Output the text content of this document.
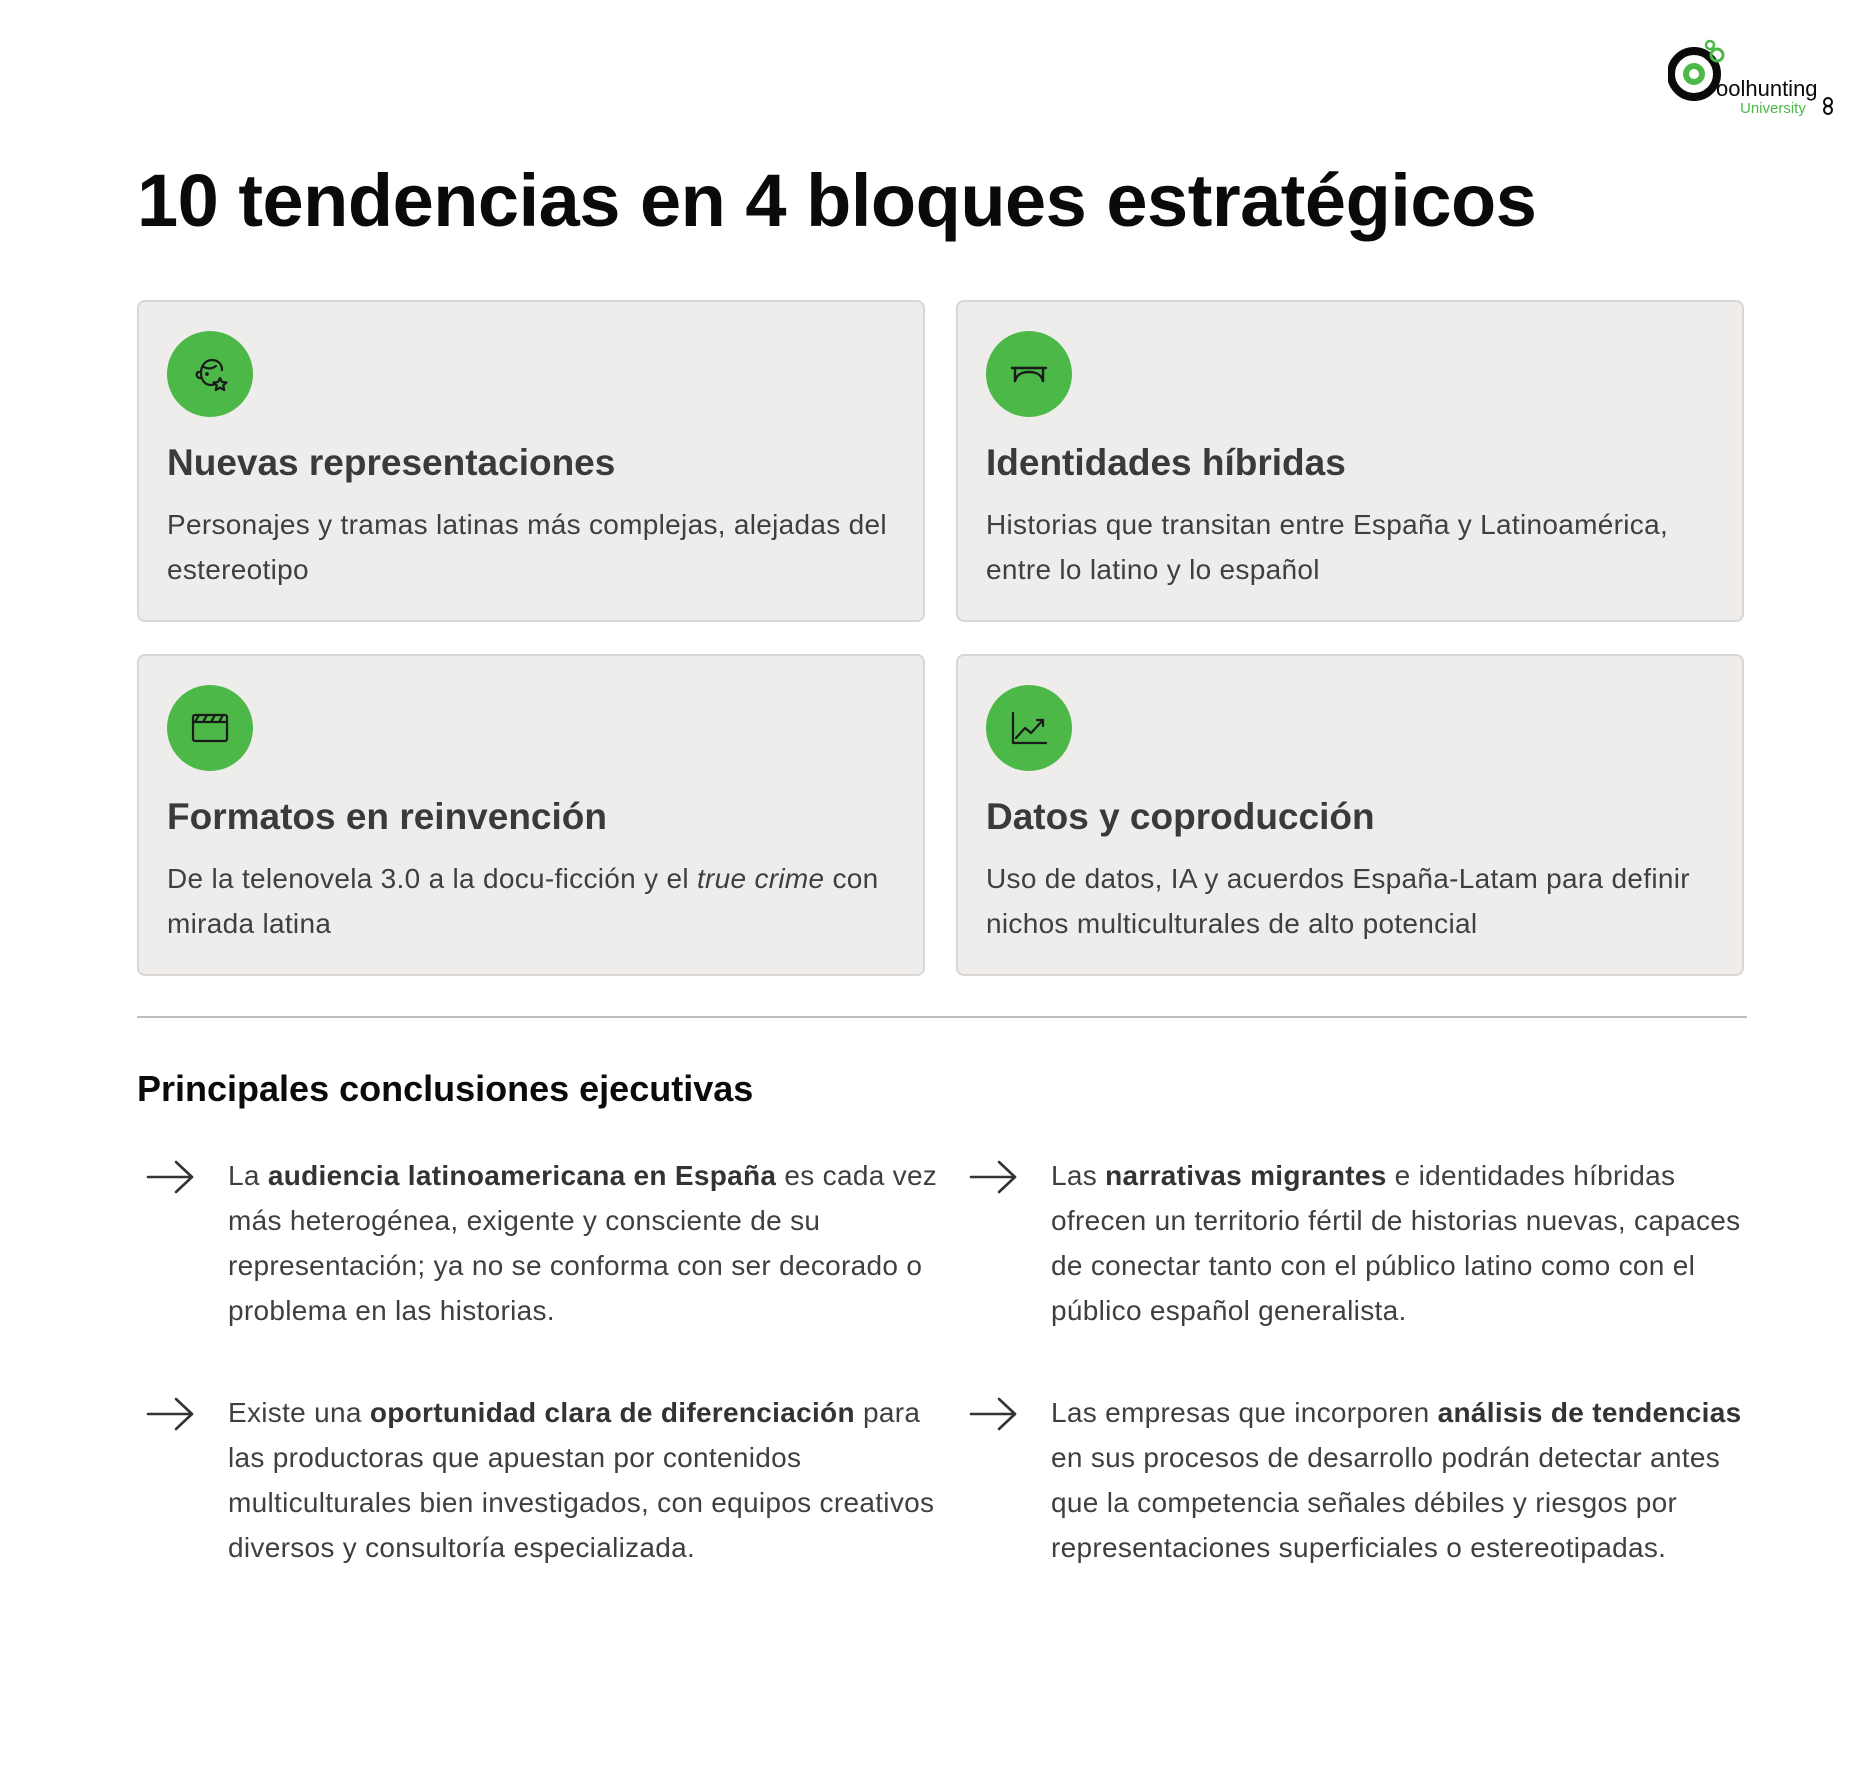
oolhunting
University
10 tendencias en 4 bloques estratégicos
Nuevas representaciones

Personajes y tramas latinas más complejas, alejadas del estereotipo

Identidades híbridas

Historias que transitan entre España y Latinoamérica, entre lo latino y lo español

Formatos en reinvención

De la telenovela 3.0 a la docu-ficción y el true crime con mirada latina

Datos y coproducción

Uso de datos, IA y acuerdos España-Latam para definir nichos multiculturales de alto potencial

Principales conclusiones ejecutivas

La audiencia latinoamericana en España es cada vez más heterogénea, exigente y consciente de su representación; ya no se conforma con ser decorado o problema en las historias.

Las narrativas migrantes e identidades híbridas ofrecen un territorio fértil de historias nuevas, capaces de conectar tanto con el público latino como con el público español generalista.

Existe una oportunidad clara de diferenciación para las productoras que apuestan por contenidos multiculturales bien investigados, con equipos creativos diversos y consultoría especializada.

Las empresas que incorporen análisis de tendencias en sus procesos de desarrollo podrán detectar antes que la competencia señales débiles y riesgos por representaciones superficiales o estereotipadas.
